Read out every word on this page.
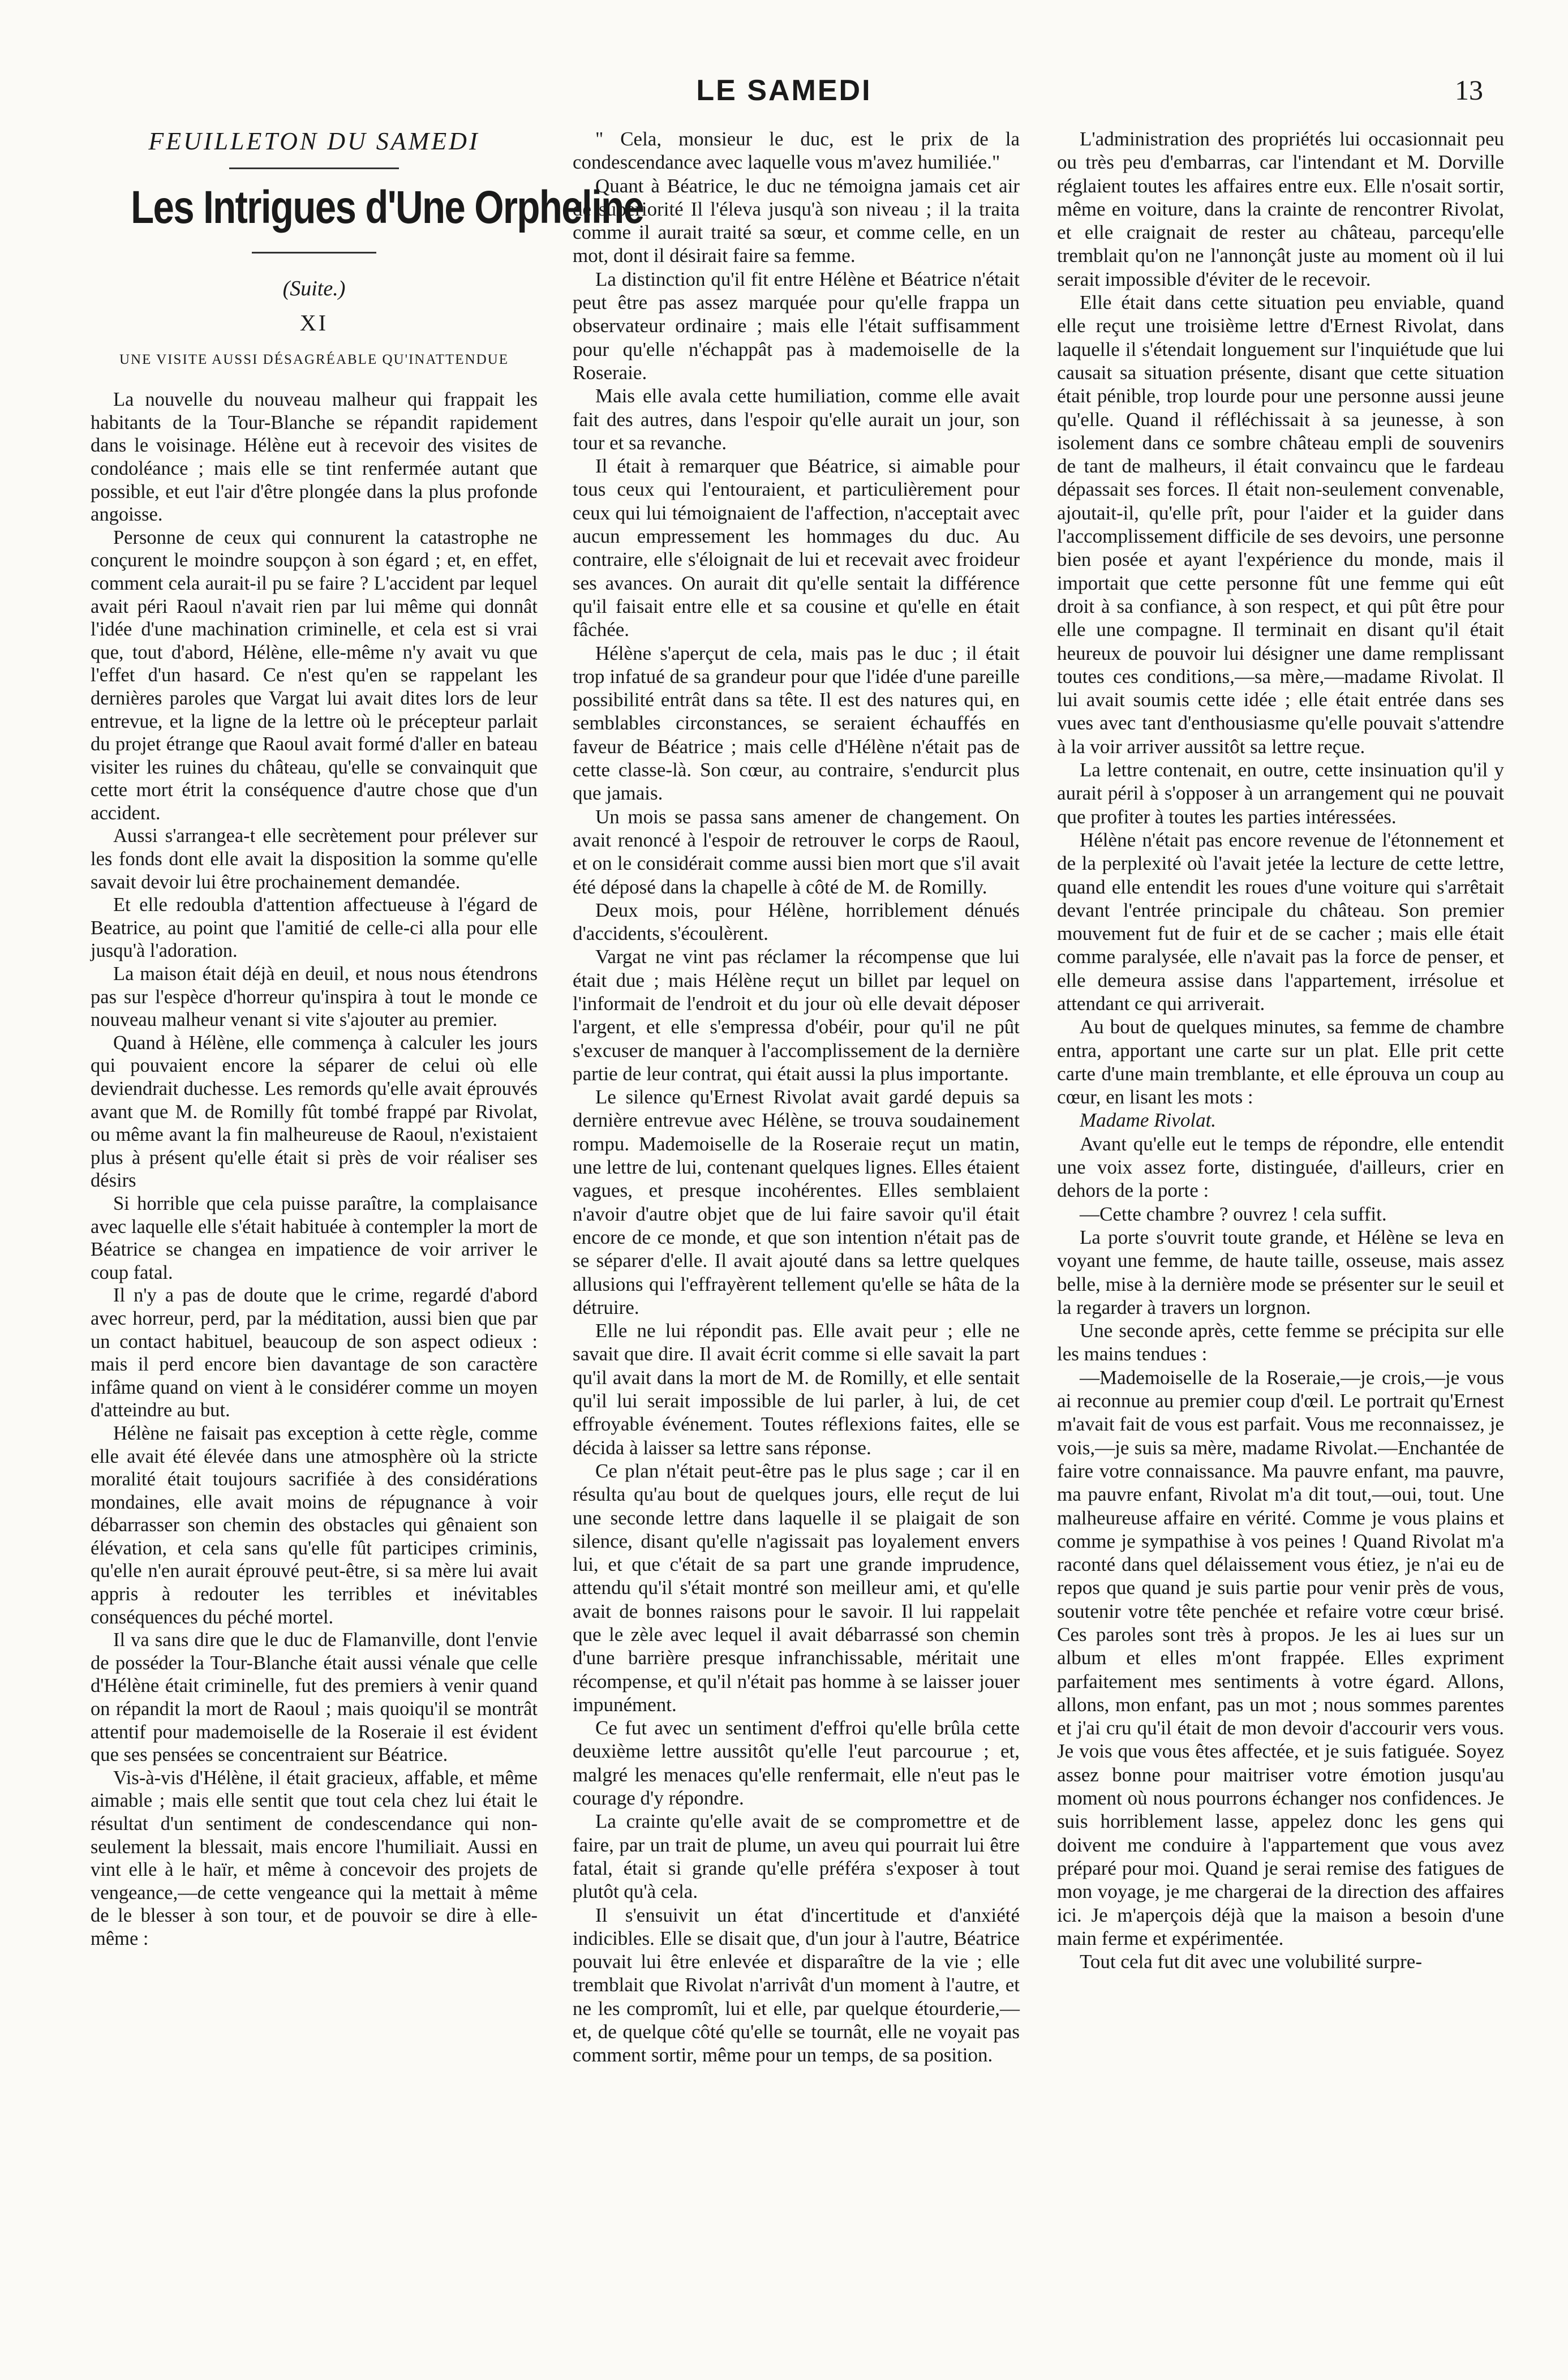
LE SAMEDI	13
FEUILLETON DU SAMEDI
Les Intrigues d'Une Orpheline
(Suite.)
XI
UNE VISITE AUSSI DÉSAGRÉABLE QU'INATTENDUE

La nouvelle du nouveau malheur qui frappait les habitants de la Tour-Blanche se répandit rapidement dans le voisinage. Hélène eut à recevoir des visites de condoléance ; mais elle se tint renfermée autant que possible, et eut l'air d'être plongée dans la plus profonde angoisse.

Personne de ceux qui connurent la catastrophe ne conçurent le moindre soupçon à son égard ; et, en effet, comment cela aurait-il pu se faire ? L'accident par lequel avait péri Raoul n'avait rien par lui même qui donnât l'idée d'une machination criminelle, et cela est si vrai que, tout d'abord, Hélène, elle-même n'y avait vu que l'effet d'un hasard. Ce n'est qu'en se rappelant les dernières paroles que Vargat lui avait dites lors de leur entrevue, et la ligne de la lettre où le précepteur parlait du projet étrange que Raoul avait formé d'aller en bateau visiter les ruines du château, qu'elle se convainquit que cette mort étrit la conséquence d'autre chose que d'un accident.

Aussi s'arrangea-t elle secrètement pour prélever sur les fonds dont elle avait la disposition la somme qu'elle savait devoir lui être prochainement demandée.

Et elle redoubla d'attention affectueuse à l'égard de Beatrice, au point que l'amitié de celle-ci alla pour elle jusqu'à l'adoration.

La maison était déjà en deuil, et nous nous étendrons pas sur l'espèce d'horreur qu'inspira à tout le monde ce nouveau malheur venant si vite s'ajouter au premier.

Quand à Hélène, elle commença à calculer les jours qui pouvaient encore la séparer de celui où elle deviendrait duchesse. Les remords qu'elle avait éprouvés avant que M. de Romilly fût tombé frappé par Rivolat, ou même avant la fin malheureuse de Raoul, n'existaient plus à présent qu'elle était si près de voir réaliser ses désirs

Si horrible que cela puisse paraître, la complaisance avec laquelle elle s'était habituée à contempler la mort de Béatrice se changea en impatience de voir arriver le coup fatal.

Il n'y a pas de doute que le crime, regardé d'abord avec horreur, perd, par la méditation, aussi bien que par un contact habituel, beaucoup de son aspect odieux : mais il perd encore bien davantage de son caractère infâme quand on vient à le considérer comme un moyen d'atteindre au but.

Hélène ne faisait pas exception à cette règle, comme elle avait été élevée dans une atmosphère où la stricte moralité était toujours sacrifiée à des considérations mondaines, elle avait moins de répugnance à voir débarrasser son chemin des obstacles qui gênaient son élévation, et cela sans qu'elle fût participes criminis, qu'elle n'en aurait éprouvé peut-être, si sa mère lui avait appris à redouter les terribles et inévitables conséquences du péché mortel.

Il va sans dire que le duc de Flamanville, dont l'envie de posséder la Tour-Blanche était aussi vénale que celle d'Hélène était criminelle, fut des premiers à venir quand on répandit la mort de Raoul ; mais quoiqu'il se montrât attentif pour mademoiselle de la Roseraie il est évident que ses pensées se concentraient sur Béatrice.

Vis-à-vis d'Hélène, il était gracieux, affable, et même aimable ; mais elle sentit que tout cela chez lui était le résultat d'un sentiment de condescendance qui non-seulement la blessait, mais encore l'humiliait. Aussi en vint elle à le haïr, et même à concevoir des projets de vengeance,—de cette vengeance qui la mettait à même de le blesser à son tour, et de pouvoir se dire à elle-même :

" Cela, monsieur le duc, est le prix de la condescendance avec laquelle vous m'avez humiliée."

Quant à Béatrice, le duc ne témoigna jamais cet air de supériorité Il l'éleva jusqu'à son niveau ; il la traita comme il aurait traité sa sœur, et comme celle, en un mot, dont il désirait faire sa femme.

La distinction qu'il fit entre Hélène et Béatrice n'était peut être pas assez marquée pour qu'elle frappa un observateur ordinaire ; mais elle l'était suffisamment pour qu'elle n'échappât pas à mademoiselle de la Roseraie.

Mais elle avala cette humiliation, comme elle avait fait des autres, dans l'espoir qu'elle aurait un jour, son tour et sa revanche.

Il était à remarquer que Béatrice, si aimable pour tous ceux qui l'entouraient, et particulièrement pour ceux qui lui témoignaient de l'affection, n'acceptait avec aucun empressement les hommages du duc. Au contraire, elle s'éloignait de lui et recevait avec froideur ses avances. On aurait dit qu'elle sentait la différence qu'il faisait entre elle et sa cousine et qu'elle en était fâchée.

Hélène s'aperçut de cela, mais pas le duc ; il était trop infatué de sa grandeur pour que l'idée d'une pareille possibilité entrât dans sa tête. Il est des natures qui, en semblables circonstances, se seraient échauffés en faveur de Béatrice ; mais celle d'Hélène n'était pas de cette classe-là. Son cœur, au contraire, s'endurcit plus que jamais.

Un mois se passa sans amener de changement. On avait renoncé à l'espoir de retrouver le corps de Raoul, et on le considérait comme aussi bien mort que s'il avait été déposé dans la chapelle à côté de M. de Romilly.

Deux mois, pour Hélène, horriblement dénués d'accidents, s'écoulèrent.

Vargat ne vint pas réclamer la récompense que lui était due ; mais Hélène reçut un billet par lequel on l'informait de l'endroit et du jour où elle devait déposer l'argent, et elle s'empressa d'obéir, pour qu'il ne pût s'excuser de manquer à l'accomplissement de la dernière partie de leur contrat, qui était aussi la plus importante.

Le silence qu'Ernest Rivolat avait gardé depuis sa dernière entrevue avec Hélène, se trouva soudainement rompu. Mademoiselle de la Roseraie reçut un matin, une lettre de lui, contenant quelques lignes. Elles étaient vagues, et presque incohérentes. Elles semblaient n'avoir d'autre objet que de lui faire savoir qu'il était encore de ce monde, et que son intention n'était pas de se séparer d'elle. Il avait ajouté dans sa lettre quelques allusions qui l'effrayèrent tellement qu'elle se hâta de la détruire.

Elle ne lui répondit pas. Elle avait peur ; elle ne savait que dire. Il avait écrit comme si elle savait la part qu'il avait dans la mort de M. de Romilly, et elle sentait qu'il lui serait impossible de lui parler, à lui, de cet effroyable événement. Toutes réflexions faites, elle se décida à laisser sa lettre sans réponse.

Ce plan n'était peut-être pas le plus sage ; car il en résulta qu'au bout de quelques jours, elle reçut de lui une seconde lettre dans laquelle il se plaigait de son silence, disant qu'elle n'agissait pas loyalement envers lui, et que c'était de sa part une grande imprudence, attendu qu'il s'était montré son meilleur ami, et qu'elle avait de bonnes raisons pour le savoir. Il lui rappelait que le zèle avec lequel il avait débarrassé son chemin d'une barrière presque infranchissable, méritait une récompense, et qu'il n'était pas homme à se laisser jouer impunément.

Ce fut avec un sentiment d'effroi qu'elle brûla cette deuxième lettre aussitôt qu'elle l'eut parcourue ; et, malgré les menaces qu'elle renfermait, elle n'eut pas le courage d'y répondre.

La crainte qu'elle avait de se compromettre et de faire, par un trait de plume, un aveu qui pourrait lui être fatal, était si grande qu'elle préféra s'exposer à tout plutôt qu'à cela.

Il s'ensuivit un état d'incertitude et d'anxiété indicibles. Elle se disait que, d'un jour à l'autre, Béatrice pouvait lui être enlevée et disparaître de la vie ; elle tremblait que Rivolat n'arrivât d'un moment à l'autre, et ne les compromît, lui et elle, par quelque étourderie,—et, de quelque côté qu'elle se tournât, elle ne voyait pas comment sortir, même pour un temps, de sa position.

L'administration des propriétés lui occasionnait peu ou très peu d'embarras, car l'intendant et M. Dorville réglaient toutes les affaires entre eux. Elle n'osait sortir, même en voiture, dans la crainte de rencontrer Rivolat, et elle craignait de rester au château, parcequ'elle tremblait qu'on ne l'annonçât juste au moment où il lui serait impossible d'éviter de le recevoir.

Elle était dans cette situation peu enviable, quand elle reçut une troisième lettre d'Ernest Rivolat, dans laquelle il s'étendait longuement sur l'inquiétude que lui causait sa situation présente, disant que cette situation était pénible, trop lourde pour une personne aussi jeune qu'elle. Quand il réfléchissait à sa jeunesse, à son isolement dans ce sombre château empli de souvenirs de tant de malheurs, il était convaincu que le fardeau dépassait ses forces. Il était non-seulement convenable, ajoutait-il, qu'elle prît, pour l'aider et la guider dans l'accomplissement difficile de ses devoirs, une personne bien posée et ayant l'expérience du monde, mais il importait que cette personne fût une femme qui eût droit à sa confiance, à son respect, et qui pût être pour elle une compagne. Il terminait en disant qu'il était heureux de pouvoir lui désigner une dame remplissant toutes ces conditions,—sa mère,—madame Rivolat. Il lui avait soumis cette idée ; elle était entrée dans ses vues avec tant d'enthousiasme qu'elle pouvait s'attendre à la voir arriver aussitôt sa lettre reçue.

La lettre contenait, en outre, cette insinuation qu'il y aurait péril à s'opposer à un arrangement qui ne pouvait que profiter à toutes les parties intéressées.

Hélène n'était pas encore revenue de l'étonnement et de la perplexité où l'avait jetée la lecture de cette lettre, quand elle entendit les roues d'une voiture qui s'arrêtait devant l'entrée principale du château. Son premier mouvement fut de fuir et de se cacher ; mais elle était comme paralysée, elle n'avait pas la force de penser, et elle demeura assise dans l'appartement, irrésolue et attendant ce qui arriverait.

Au bout de quelques minutes, sa femme de chambre entra, apportant une carte sur un plat. Elle prit cette carte d'une main tremblante, et elle éprouva un coup au cœur, en lisant les mots :

Madame Rivolat.

Avant qu'elle eut le temps de répondre, elle entendit une voix assez forte, distinguée, d'ailleurs, crier en dehors de la porte :

—Cette chambre ? ouvrez ! cela suffit.

La porte s'ouvrit toute grande, et Hélène se leva en voyant une femme, de haute taille, osseuse, mais assez belle, mise à la dernière mode se présenter sur le seuil et la regarder à travers un lorgnon.

Une seconde après, cette femme se précipita sur elle les mains tendues :

—Mademoiselle de la Roseraie,—je crois,—je vous ai reconnue au premier coup d'œil. Le portrait qu'Ernest m'avait fait de vous est parfait. Vous me reconnaissez, je vois,—je suis sa mère, madame Rivolat.—Enchantée de faire votre connaissance. Ma pauvre enfant, ma pauvre, ma pauvre enfant, Rivolat m'a dit tout,—oui, tout. Une malheureuse affaire en vérité. Comme je vous plains et comme je sympathise à vos peines ! Quand Rivolat m'a raconté dans quel délaissement vous étiez, je n'ai eu de repos que quand je suis partie pour venir près de vous, soutenir votre tête penchée et refaire votre cœur brisé. Ces paroles sont très à propos. Je les ai lues sur un album et elles m'ont frappée. Elles expriment parfaitement mes sentiments à votre égard. Allons, allons, mon enfant, pas un mot ; nous sommes parentes et j'ai cru qu'il était de mon devoir d'accourir vers vous. Je vois que vous êtes affectée, et je suis fatiguée. Soyez assez bonne pour maitriser votre émotion jusqu'au moment où nous pourrons échanger nos confidences. Je suis horriblement lasse, appelez donc les gens qui doivent me conduire à l'appartement que vous avez préparé pour moi. Quand je serai remise des fatigues de mon voyage, je me chargerai de la direction des affaires ici. Je m'aperçois déjà que la maison a besoin d'une main ferme et expérimentée.

Tout cela fut dit avec une volubilité surpre-
